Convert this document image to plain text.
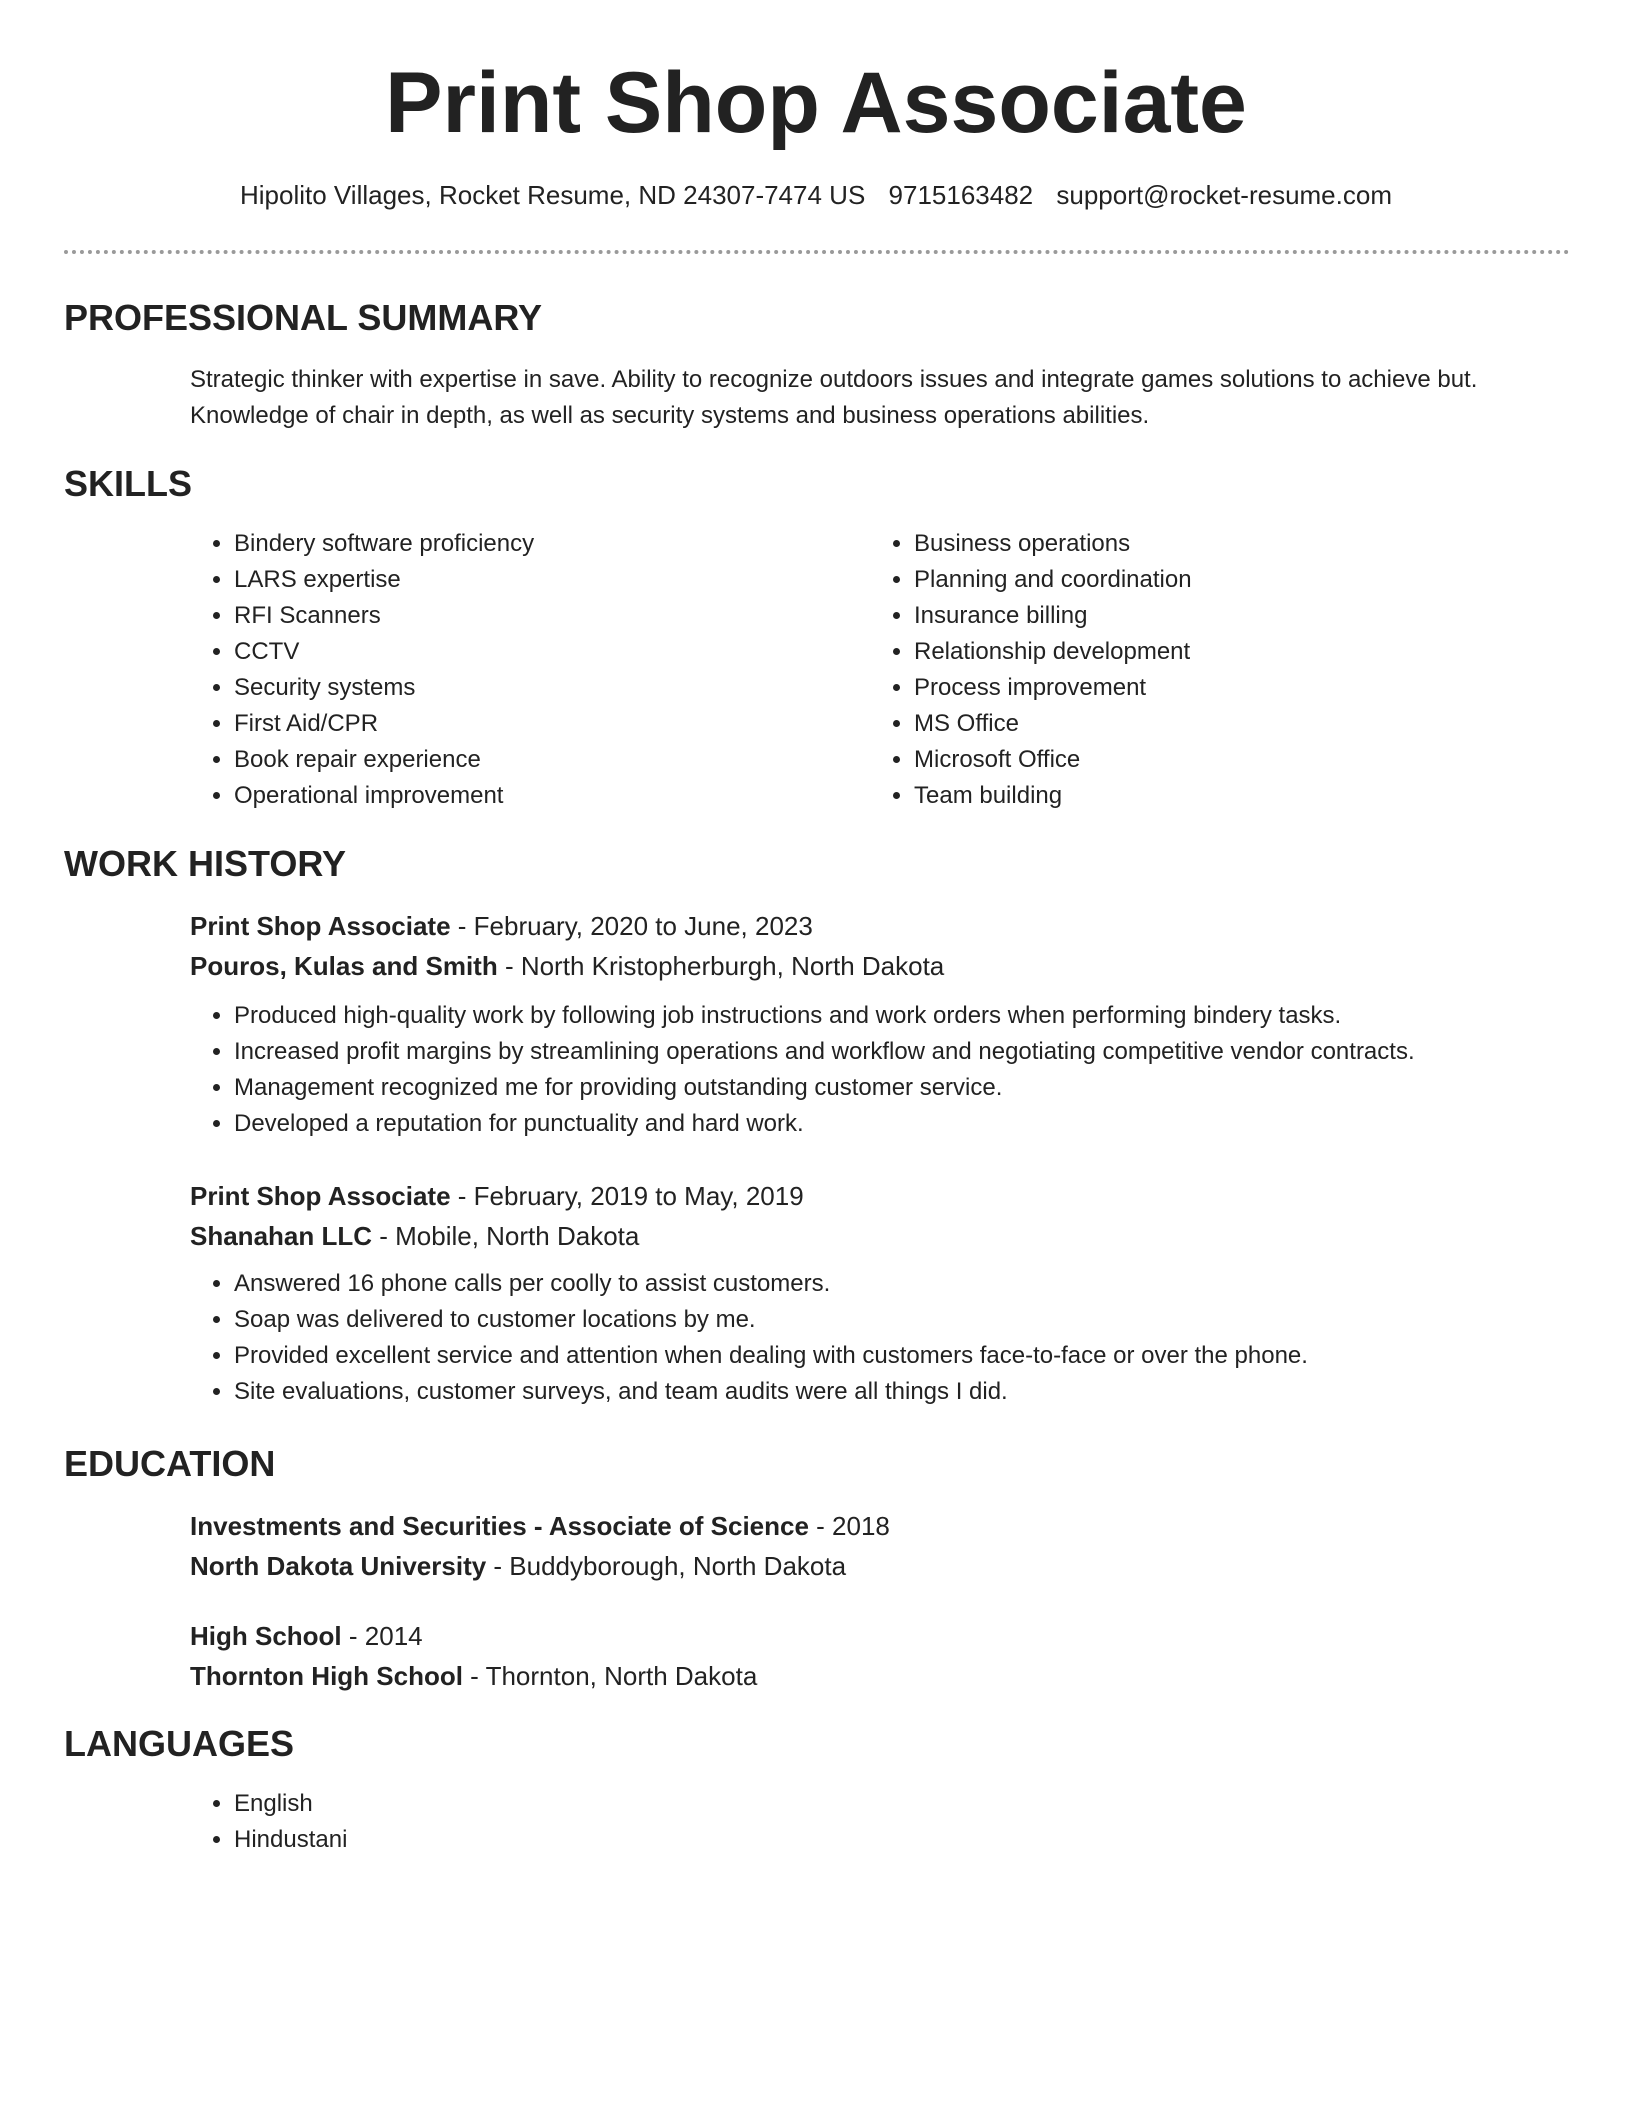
Print Shop Associate
Hipolito Villages, Rocket Resume, ND 24307-7474 US 9715163482 support@rocket-resume.com
PROFESSIONAL SUMMARY

Strategic thinker with expertise in save. Ability to recognize outdoors issues and integrate games solutions to achieve but.

Knowledge of chair in depth, as well as security systems and business operations abilities.

SKILLS
• Bindery software proficiency
• LARS expertise
• RFI Scanners
• CCTV
• Security systems
• First Aid/CPR
• Book repair experience
• Operational improvement
• Business operations
• Planning and coordination
• Insurance billing
• Relationship development
• Process improvement
• MS Office
• Microsoft Office
• Team building
WORK HISTORY

Print Shop Associate - February, 2020 to June, 2023

Pouros, Kulas and Smith - North Kristopherburgh, North Dakota

• Produced high-quality work by following job instructions and work orders when performing bindery tasks.
• Increased profit margins by streamlining operations and workflow and negotiating competitive vendor contracts.
• Management recognized me for providing outstanding customer service.
• Developed a reputation for punctuality and hard work.

Print Shop Associate - February, 2019 to May, 2019

Shanahan LLC - Mobile, North Dakota

• Answered 16 phone calls per coolly to assist customers.
• Soap was delivered to customer locations by me.
• Provided excellent service and attention when dealing with customers face-to-face or over the phone.
• Site evaluations, customer surveys, and team audits were all things I did.
EDUCATION

Investments and Securities - Associate of Science - 2018

North Dakota University - Buddyborough, North Dakota

High School - 2014

Thornton High School - Thornton, North Dakota

LANGUAGES
• English
• Hindustani
